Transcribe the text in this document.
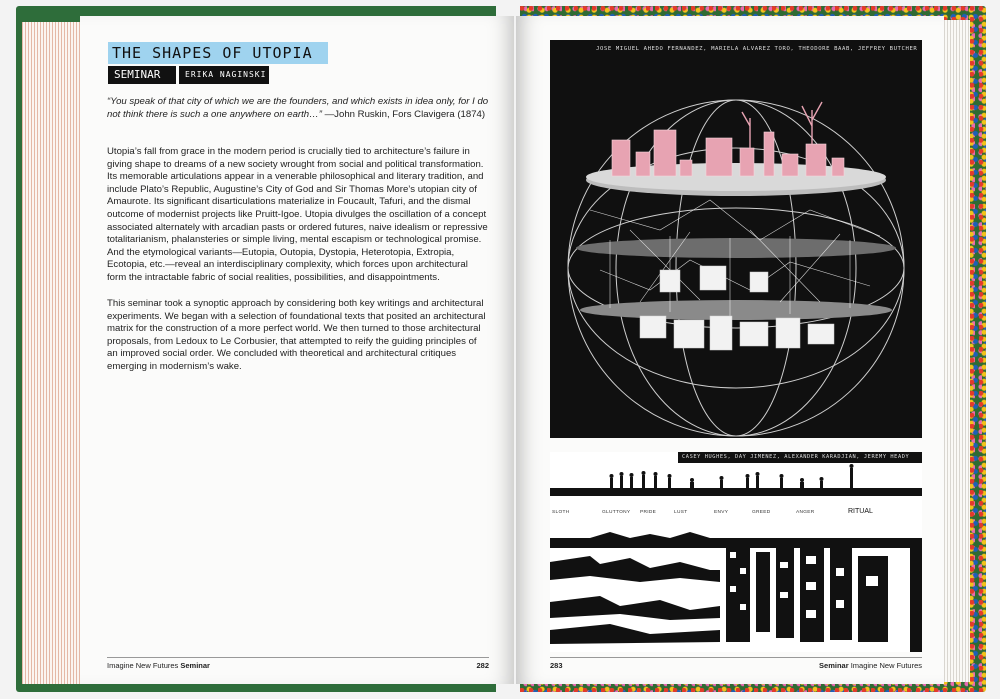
THE SHAPES OF UTOPIA
SEMINAR	ERIKA NAGINSKI
“You speak of that city of which we are the founders, and which exists in idea only, for I do not think there is such a one anywhere on earth…” —John Ruskin, Fors Clavigera (1874)

Utopia’s fall from grace in the modern period is crucially tied to architecture’s failure in giving shape to dreams of a new society wrought from social and political transformation. Its memorable articulations appear in a venerable philosophical and literary tradition, and include Plato’s Republic, Augustine’s City of God and Sir Thomas More’s utopian city of Amaurote. Its significant disarticulations materialize in Foucault, Tafuri, and the dismal outcome of modernist projects like Pruitt-Igoe. Utopia divulges the oscillation of a concept associated alternately with arcadian pasts or ordered futures, naive idealism or repressive totalitarianism, phalansteries or simple living, mental escapism or technological promise. And the etymological variants—Eutopia, Outopia, Dystopia, Heterotopia, Extropia, Ecotopia, etc.—reveal an interdisciplinary complexity, which forces upon architectural form the intractable fabric of social realities, possibilities, and disappointments.

This seminar took a synoptic approach by considering both key writings and architectural experiments. We began with a selection of foundational texts that posited an architectural matrix for the construction of a more perfect world. We then turned to those architectural proposals, from Ledoux to Le Corbusier, that attempted to reify the guiding principles of an improved social order. We concluded with theoretical and architectural critiques emerging in modernism’s wake.

Imagine New Futures Seminar	282
JOSE MIGUEL AHEDO FERNANDEZ, MARIELA ALVAREZ TORO, THEODORE BAAB, JEFFREY BUTCHER
SLOTH	GLUTTONY PRIDE	LUST	ENVY	GREED	ANGER	RITUAL
CASEY HUGHES, DAY JIMENEZ, ALEXANDER KARADJIAN, JEREMY HEADY
283	Seminar Imagine New Futures
